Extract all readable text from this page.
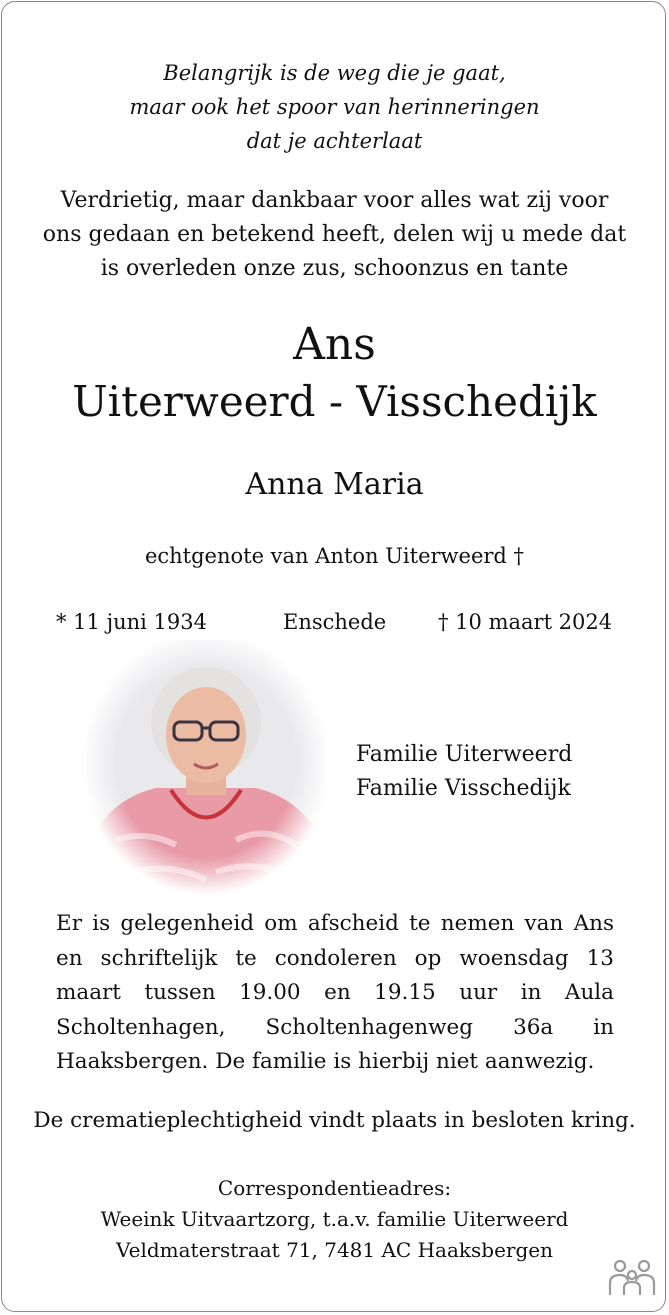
Belangrijk is de weg die je gaat,
maar ook het spoor van herinneringen
dat je achterlaat
Verdrietig, maar dankbaar voor alles wat zij voor
ons gedaan en betekend heeft, delen wij u mede dat
is overleden onze zus, schoonzus en tante
Ans
Uiterweerd - Visschedijk
Anna Maria
echtgenote van Anton Uiterweerd †
* 11 juni 1934	Enschede † 10 maart 2024
Familie Uiterweerd
Familie Visschedijk
Er is gelegenheid om afscheid te nemen van Ans en schriftelijk te condoleren op woensdag 13 maart tussen 19.00 en 19.15 uur in Aula Scholtenhagen, Scholtenhagenweg 36a in Haaksbergen. De familie is hierbij niet aanwezig.
De crematieplechtigheid vindt plaats in besloten kring.
Correspondentieadres:
Weeink Uitvaartzorg, t.a.v. familie Uiterweerd
Veldmaterstraat 71, 7481 AC Haaksbergen
